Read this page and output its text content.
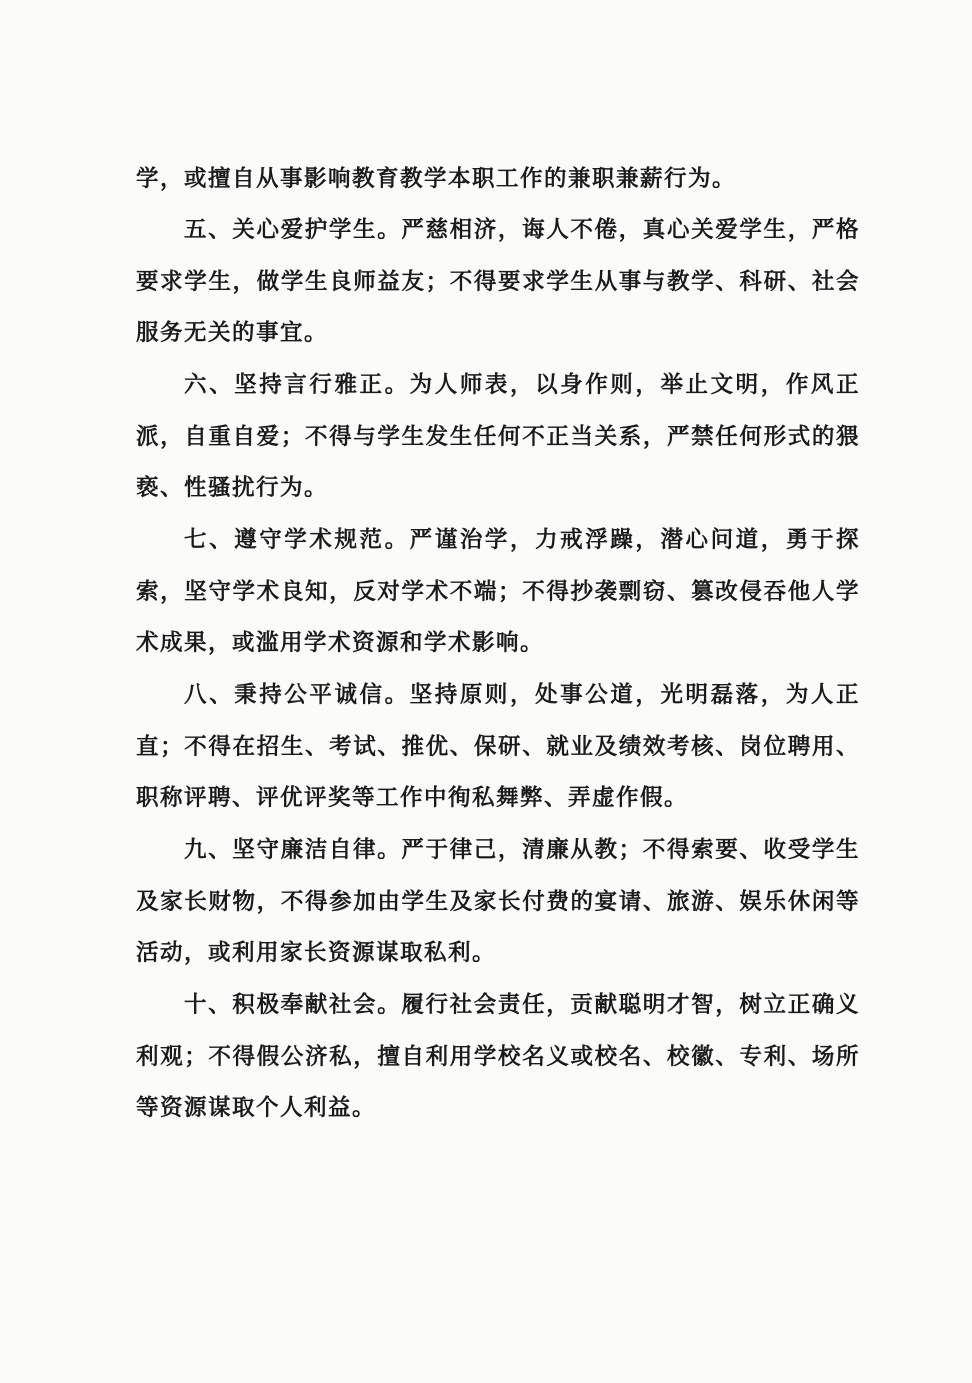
学，或擅自从事影响教育教学本职工作的兼职兼薪行为。

五、关心爱护学生。严慈相济，诲人不倦，真心关爱学生，严格要求学生，做学生良师益友；不得要求学生从事与教学、科研、社会服务无关的事宜。

六、坚持言行雅正。为人师表，以身作则，举止文明，作风正派，自重自爱；不得与学生发生任何不正当关系，严禁任何形式的猥亵、性骚扰行为。

七、遵守学术规范。严谨治学，力戒浮躁，潜心问道，勇于探索，坚守学术良知，反对学术不端；不得抄袭剽窃、篡改侵吞他人学术成果，或滥用学术资源和学术影响。

八、秉持公平诚信。坚持原则，处事公道，光明磊落，为人正直；不得在招生、考试、推优、保研、就业及绩效考核、岗位聘用、职称评聘、评优评奖等工作中徇私舞弊、弄虚作假。

九、坚守廉洁自律。严于律己，清廉从教；不得索要、收受学生及家长财物，不得参加由学生及家长付费的宴请、旅游、娱乐休闲等活动，或利用家长资源谋取私利。

十、积极奉献社会。履行社会责任，贡献聪明才智，树立正确义利观；不得假公济私，擅自利用学校名义或校名、校徽、专利、场所等资源谋取个人利益。
